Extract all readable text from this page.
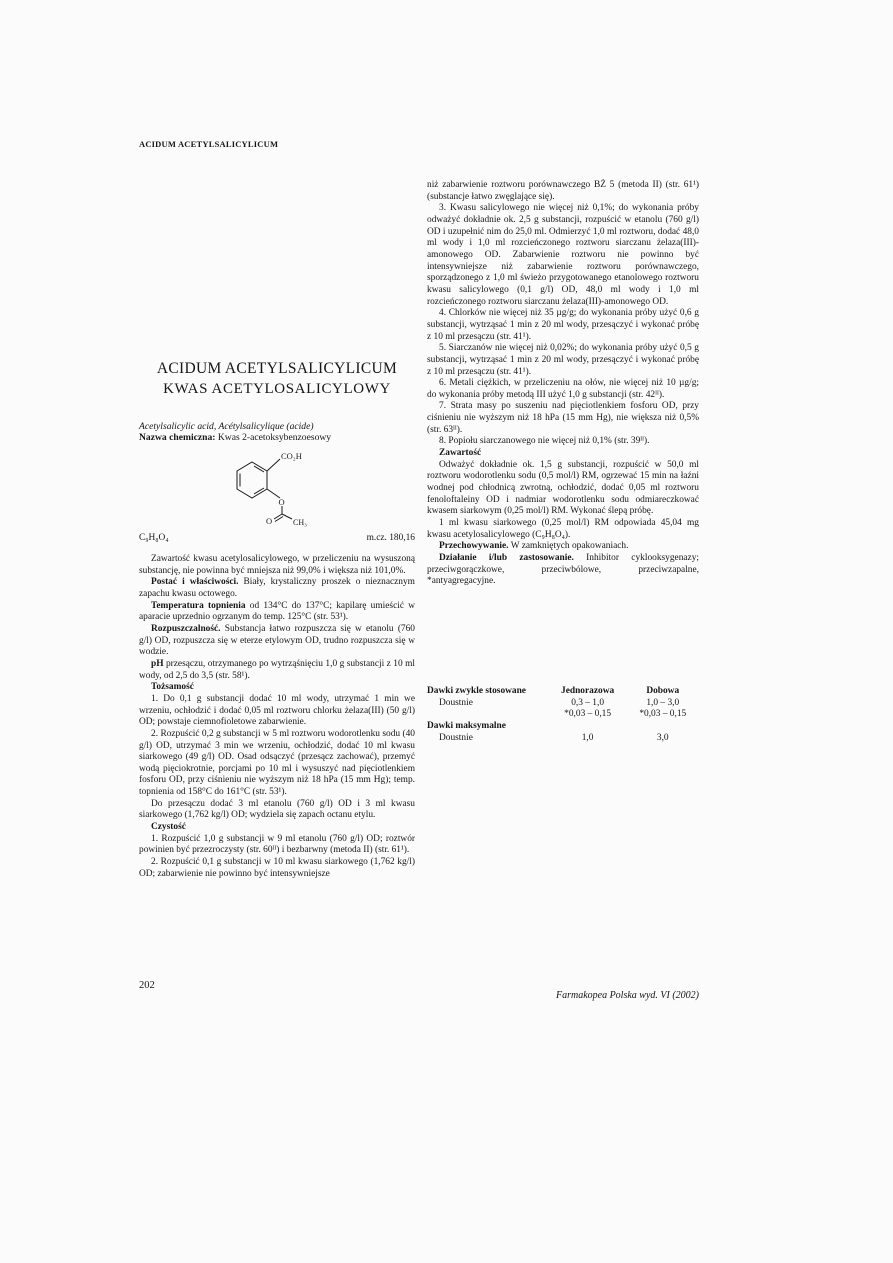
ACIDUM ACETYLSALICYLICUM
ACIDUM ACETYLSALICYLICUM
KWAS ACETYLOSALICYLOWY
Acetylsalicylic acid, Acétylsalicylique (acide)
Nazwa chemiczna: Kwas 2-acetoksybenzoesowy
CO₂H
O
O	CH₃
C₉H₈O₄	m.cz. 180,16

Zawartość kwasu acetylosalicylowego, w przeliczeniu na wysuszoną substancję, nie powinna być mniejsza niż 99,0% i większa niż 101,0%.

Postać i właściwości. Biały, krystaliczny proszek o nieznacznym zapachu kwasu octowego.

Temperatura topnienia od 134°C do 137°C; kapilarę umieścić w aparacie uprzednio ogrzanym do temp. 125°C (str. 53¹).

Rozpuszczalność. Substancja łatwo rozpuszcza się w etanolu (760 g/l) OD, rozpuszcza się w eterze etylowym OD, trudno rozpuszcza się w wodzie.

pH przesączu, otrzymanego po wytrząśnięciu 1,0 g substancji z 10 ml wody, od 2,5 do 3,5 (str. 58¹).

Tożsamość

1. Do 0,1 g substancji dodać 10 ml wody, utrzymać 1 min we wrzeniu, ochłodzić i dodać 0,05 ml roztworu chlorku żelaza(III) (50 g/l) OD; powstaje ciemnofioletowe zabarwienie.

2. Rozpuścić 0,2 g substancji w 5 ml roztworu wodorotlenku sodu (40 g/l) OD, utrzymać 3 min we wrzeniu, ochłodzić, dodać 10 ml kwasu siarkowego (49 g/l) OD. Osad odsączyć (przesącz zachować), przemyć wodą pięciokrotnie, porcjami po 10 ml i wysuszyć nad pięciotlenkiem fosforu OD, przy ciśnieniu nie wyższym niż 18 hPa (15 mm Hg); temp. topnienia od 158°C do 161°C (str. 53¹).

Do przesączu dodać 3 ml etanolu (760 g/l) OD i 3 ml kwasu siarkowego (1,762 kg/l) OD; wydziela się zapach octanu etylu.

Czystość

1. Rozpuścić 1,0 g substancji w 9 ml etanolu (760 g/l) OD; roztwór powinien być przezroczysty (str. 60ᴵᴵ) i bezbarwny (metoda II) (str. 61¹).

2. Rozpuścić 0,1 g substancji w 10 ml kwasu siarkowego (1,762 kg/l) OD; zabarwienie nie powinno być intensywniejsze

niż zabarwienie roztworu porównawczego BŻ 5 (metoda II) (str. 61¹) (substancje łatwo zwęglające się).

3. Kwasu salicylowego nie więcej niż 0,1%; do wykonania próby odważyć dokładnie ok. 2,5 g substancji, rozpuścić w etanolu (760 g/l) OD i uzupełnić nim do 25,0 ml. Odmierzyć 1,0 ml roztworu, dodać 48,0 ml wody i 1,0 ml rozcieńczonego roztworu siarczanu żelaza(III)-amonowego OD. Zabarwienie roztworu nie powinno być intensywniejsze niż zabarwienie roztworu porównawczego, sporządzonego z 1,0 ml świeżo przygotowanego etanolowego roztworu kwasu salicylowego (0,1 g/l) OD, 48,0 ml wody i 1,0 ml rozcieńczonego roztworu siarczanu żelaza(III)-amonowego OD.

4. Chlorków nie więcej niż 35 µg/g; do wykonania próby użyć 0,6 g substancji, wytrząsać 1 min z 20 ml wody, przesączyć i wykonać próbę z 10 ml przesączu (str. 41¹).

5. Siarczanów nie więcej niż 0,02%; do wykonania próby użyć 0,5 g substancji, wytrząsać 1 min z 20 ml wody, przesączyć i wykonać próbę z 10 ml przesączu (str. 41¹).

6. Metali ciężkich, w przeliczeniu na ołów, nie więcej niż 10 µg/g; do wykonania próby metodą III użyć 1,0 g substancji (str. 42ᴵᴵ).

7. Strata masy po suszeniu nad pięciotlenkiem fosforu OD, przy ciśnieniu nie wyższym niż 18 hPa (15 mm Hg), nie większa niż 0,5% (str. 63ᴵᴵ).

8. Popiołu siarczanowego nie więcej niż 0,1% (str. 39ᴵᴵ).

Zawartość

Odważyć dokładnie ok. 1,5 g substancji, rozpuścić w 50,0 ml roztworu wodorotlenku sodu (0,5 mol/l) RM, ogrzewać 15 min na łaźni wodnej pod chłodnicą zwrotną, ochłodzić, dodać 0,05 ml roztworu fenoloftaleiny OD i nadmiar wodorotlenku sodu odmiareczkować kwasem siarkowym (0,25 mol/l) RM. Wykonać ślepą próbę.

1 ml kwasu siarkowego (0,25 mol/l) RM odpowiada 45,04 mg kwasu acetylosalicylowego (C₉H₈O₄).

Przechowywanie. W zamkniętych opakowaniach.

Działanie i/lub zastosowanie. Inhibitor cyklooksygenazy; przeciwgorączkowe, przeciwbólowe, przeciwzapalne, *antyagregacyjne.

Dawki zwykle stosowane	Jednorazowa	Dobowa
Doustnie	0,3 – 1,0	1,0 – 3,0
	*0,03 – 0,15	*0,03 – 0,15
Dawki maksymalne		
Doustnie	1,0	3,0
202
Farmakopea Polska wyd. VI (2002)
